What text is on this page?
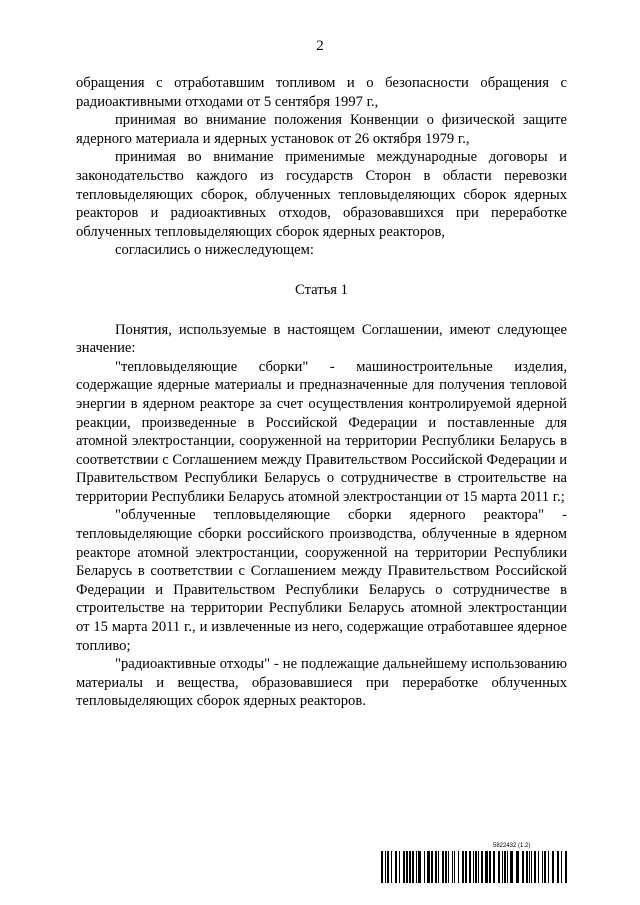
2

обращения с отработавшим топливом и о безопасности обращения с радиоактивными отходами от 5 сентября 1997 г.,

принимая во внимание положения Конвенции о физической защите ядерного материала и ядерных установок от 26 октября 1979 г.,

принимая во внимание применимые международные договоры и законодательство каждого из государств Сторон в области перевозки тепловыделяющих сборок, облученных тепловыделяющих сборок ядерных реакторов и радиоактивных отходов, образовавшихся при переработке облученных тепловыделяющих сборок ядерных реакторов,

согласились о нижеследующем:

Статья 1

Понятия, используемые в настоящем Соглашении, имеют следующее значение:

"тепловыделяющие сборки" - машиностроительные изделия, содержащие ядерные материалы и предназначенные для получения тепловой энергии в ядерном реакторе за счет осуществления контролируемой ядерной реакции, произведенные в Российской Федерации и поставленные для атомной электростанции, сооруженной на территории Республики Беларусь в соответствии с Соглашением между Правительством Российской Федерации и Правительством Республики Беларусь о сотрудничестве в строительстве на территории Республики Беларусь атомной электростанции от 15 марта 2011 г.;

"облученные тепловыделяющие сборки ядерного реактора" - тепловыделяющие сборки российского производства, облученные в ядерном реакторе атомной электростанции, сооруженной на территории Республики Беларусь в соответствии с Соглашением между Правительством Российской Федерации и Правительством Республики Беларусь о сотрудничестве в строительстве на территории Республики Беларусь атомной электростанции от 15 марта 2011 г., и извлеченные из него, содержащие отработавшее ядерное топливо;

"радиоактивные отходы" - не подлежащие дальнейшему использованию материалы и вещества, образовавшиеся при переработке облученных тепловыделяющих сборок ядерных реакторов.

5822432 (1.2)
